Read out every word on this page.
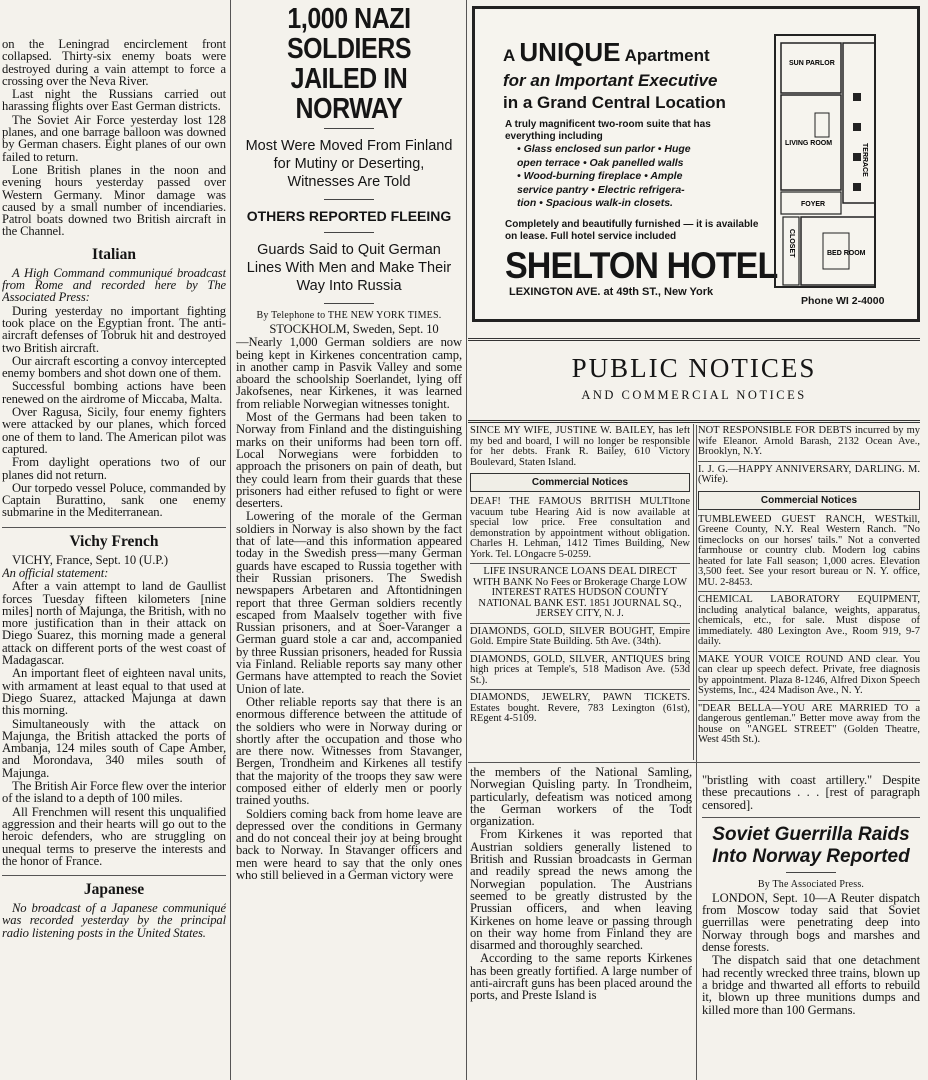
on the Leningrad encirclement front collapsed. Thirty-six enemy boats were destroyed during a vain attempt to force a crossing over the Neva River.

Last night the Russians carried out harassing flights over East German districts.

The Soviet Air Force yesterday lost 128 planes, and one barrage balloon was downed by German chasers. Eight planes of our own failed to return.

Lone British planes in the noon and evening hours yesterday passed over Western Germany. Minor damage was caused by a small number of incendiaries. Patrol boats downed two British aircraft in the Channel.

Italian

A High Command communiqué broadcast from Rome and recorded here by The Associated Press:

During yesterday no important fighting took place on the Egyptian front. The anti-aircraft defenses of Tobruk hit and destroyed two British aircraft.

Our aircraft escorting a convoy intercepted enemy bombers and shot down one of them.

Successful bombing actions have been renewed on the airdrome of Miccaba, Malta.

Over Ragusa, Sicily, four enemy fighters were attacked by our planes, which forced one of them to land. The American pilot was captured.

From daylight operations two of our planes did not return.

Our torpedo vessel Poluce, commanded by Captain Burattino, sank one enemy submarine in the Mediterranean.

Vichy French

VICHY, France, Sept. 10 (U.P.)

An official statement:

After a vain attempt to land de Gaullist forces Tuesday fifteen kilometers [nine miles] north of Majunga, the British, with no more justification than in their attack on Diego Suarez, this morning made a general attack on different ports of the west coast of Madagascar.

An important fleet of eighteen naval units, with armament at least equal to that used at Diego Suarez, attacked Majunga at dawn this morning.

Simultaneously with the attack on Majunga, the British attacked the ports of Ambanja, 124 miles south of Cape Amber, and Morondava, 340 miles south of Majunga.

The British Air Force flew over the interior of the island to a depth of 100 miles.

All Frenchmen will resent this unqualified aggression and their hearts will go out to the heroic defenders, who are struggling on unequal terms to preserve the interests and the honor of France.

Japanese

No broadcast of a Japanese communiqué was recorded yesterday by the principal radio listening posts in the United States.

1,000 NAZI SOLDIERS JAILED IN NORWAY
Most Were Moved From Finland for Mutiny or Deserting, Witnesses Are Told
OTHERS REPORTED FLEEING
Guards Said to Quit German Lines With Men and Make Their Way Into Russia
By Telephone to THE NEW YORK TIMES.

STOCKHOLM, Sweden, Sept. 10

—Nearly 1,000 German soldiers are now being kept in Kirkenes concentration camp, in another camp in Pasvik Valley and some aboard the schoolship Soerlandet, lying off Jakofsenes, near Kirkenes, it was learned from reliable Norwegian witnesses tonight.

Most of the Germans had been taken to Norway from Finland and the distinguishing marks on their uniforms had been torn off. Local Norwegians were forbidden to approach the prisoners on pain of death, but they could learn from their guards that these prisoners had either refused to fight or were deserters.

Lowering of the morale of the German soldiers in Norway is also shown by the fact that of late—and this information appeared today in the Swedish press—many German guards have escaped to Russia together with their Russian prisoners. The Swedish newspapers Arbetaren and Aftontidningen report that three German soldiers recently escaped from Maalselv together with five Russian prisoners, and at Soer-Varanger a German guard stole a car and, accompanied by three Russian prisoners, headed for Russia via Finland. Reliable reports say many other Germans have attempted to reach the Soviet Union of late.

Other reliable reports say that there is an enormous difference between the attitude of the soldiers who were in Norway during or shortly after the occupation and those who are there now. Witnesses from Stavanger, Bergen, Trondheim and Kirkenes all testify that the majority of the troops they saw were composed either of elderly men or poorly trained youths.

Soldiers coming back from home leave are depressed over the conditions in Germany and do not conceal their joy at being brought back to Norway. In Stavanger officers and men were heard to say that the only ones who still believed in a German victory were

A UNIQUE Apartment
for an Important Executive
in a Grand Central Location
A truly magnificent two-room suite that has everything including
• Glass enclosed sun parlor • Huge
open terrace • Oak panelled walls
• Wood-burning fireplace • Ample
service pantry • Electric refrigera-
tion • Spacious walk-in closets.
Completely and beautifully furnished — it is available on lease. Full hotel service included
SHELTON HOTEL
LEXINGTON AVE. at 49th ST., New York
Phone WI 2-4000
SUN PARLOR
LIVING ROOM	TERRACE
FOYER
BED ROOM
CLOSET
PUBLIC NOTICES
AND COMMERCIAL NOTICES

SINCE MY WIFE, JUSTINE W. BAILEY, has left my bed and board, I will no longer be responsible for her debts. Frank R. Bailey, 610 Victory Boulevard, Staten Island.

Commercial Notices

DEAF! THE FAMOUS BRITISH MULTItone vacuum tube Hearing Aid is now available at special low price. Free consultation and demonstration by appointment without obligation. Charles H. Lehman, 1412 Times Building, New York. Tel. LOngacre 5-0259.

LIFE INSURANCE LOANS DEAL DIRECT WITH BANK No Fees or Brokerage Charge LOW INTEREST RATES HUDSON COUNTY NATIONAL BANK EST. 1851 JOURNAL SQ., JERSEY CITY, N. J.

DIAMONDS, GOLD, SILVER BOUGHT, Empire Gold. Empire State Building. 5th Ave. (34th).

DIAMONDS, GOLD, SILVER, ANTIQUES bring high prices at Temple's, 518 Madison Ave. (53d St.).

DIAMONDS, JEWELRY, PAWN TICKETS. Estates bought. Revere, 783 Lexington (61st), REgent 4-5109.

NOT RESPONSIBLE FOR DEBTS incurred by my wife Eleanor. Arnold Barash, 2132 Ocean Ave., Brooklyn, N.Y.

I. J. G.—HAPPY ANNIVERSARY, DARLING. M. (Wife).

Commercial Notices

TUMBLEWEED GUEST RANCH, WESTkill, Greene County, N.Y. Real Western Ranch. "No timeclocks on our horses' tails." Not a converted farmhouse or country club. Modern log cabins heated for late Fall season; 1,000 acres. Elevation 3,500 feet. See your resort bureau or N. Y. office, MU. 2-8453.

CHEMICAL LABORATORY EQUIPMENT, including analytical balance, weights, apparatus, chemicals, etc., for sale. Must dispose of immediately. 480 Lexington Ave., Room 919, 9-7 daily.

MAKE YOUR VOICE ROUND AND clear. You can clear up speech defect. Private, free diagnosis by appointment. Plaza 8-1246, Alfred Dixon Speech Systems, Inc., 424 Madison Ave., N. Y.

"DEAR BELLA—YOU ARE MARRIED TO a dangerous gentleman." Better move away from the house on "ANGEL STREET" (Golden Theatre, West 45th St.).

the members of the National Samling, Norwegian Quisling party. In Trondheim, particularly, defeatism was noticed among the German workers of the Todt organization.

From Kirkenes it was reported that Austrian soldiers generally listened to British and Russian broadcasts in German and readily spread the news among the Norwegian population. The Austrians seemed to be greatly distrusted by the Prussian officers, and when leaving Kirkenes on home leave or passing through on their way home from Finland they are disarmed and thoroughly searched.

According to the same reports Kirkenes has been greatly fortified. A large number of anti-aircraft guns has been placed around the ports, and Preste Island is

"bristling with coast artillery." Despite these precautions . . . [rest of paragraph censored].

Soviet Guerrilla Raids Into Norway Reported
By The Associated Press.

LONDON, Sept. 10—A Reuter dispatch from Moscow today said that Soviet guerrillas were penetrating deep into Norway through bogs and marshes and dense forests.

The dispatch said that one detachment had recently wrecked three trains, blown up a bridge and thwarted all efforts to rebuild it, blown up three munitions dumps and killed more than 100 Germans.
